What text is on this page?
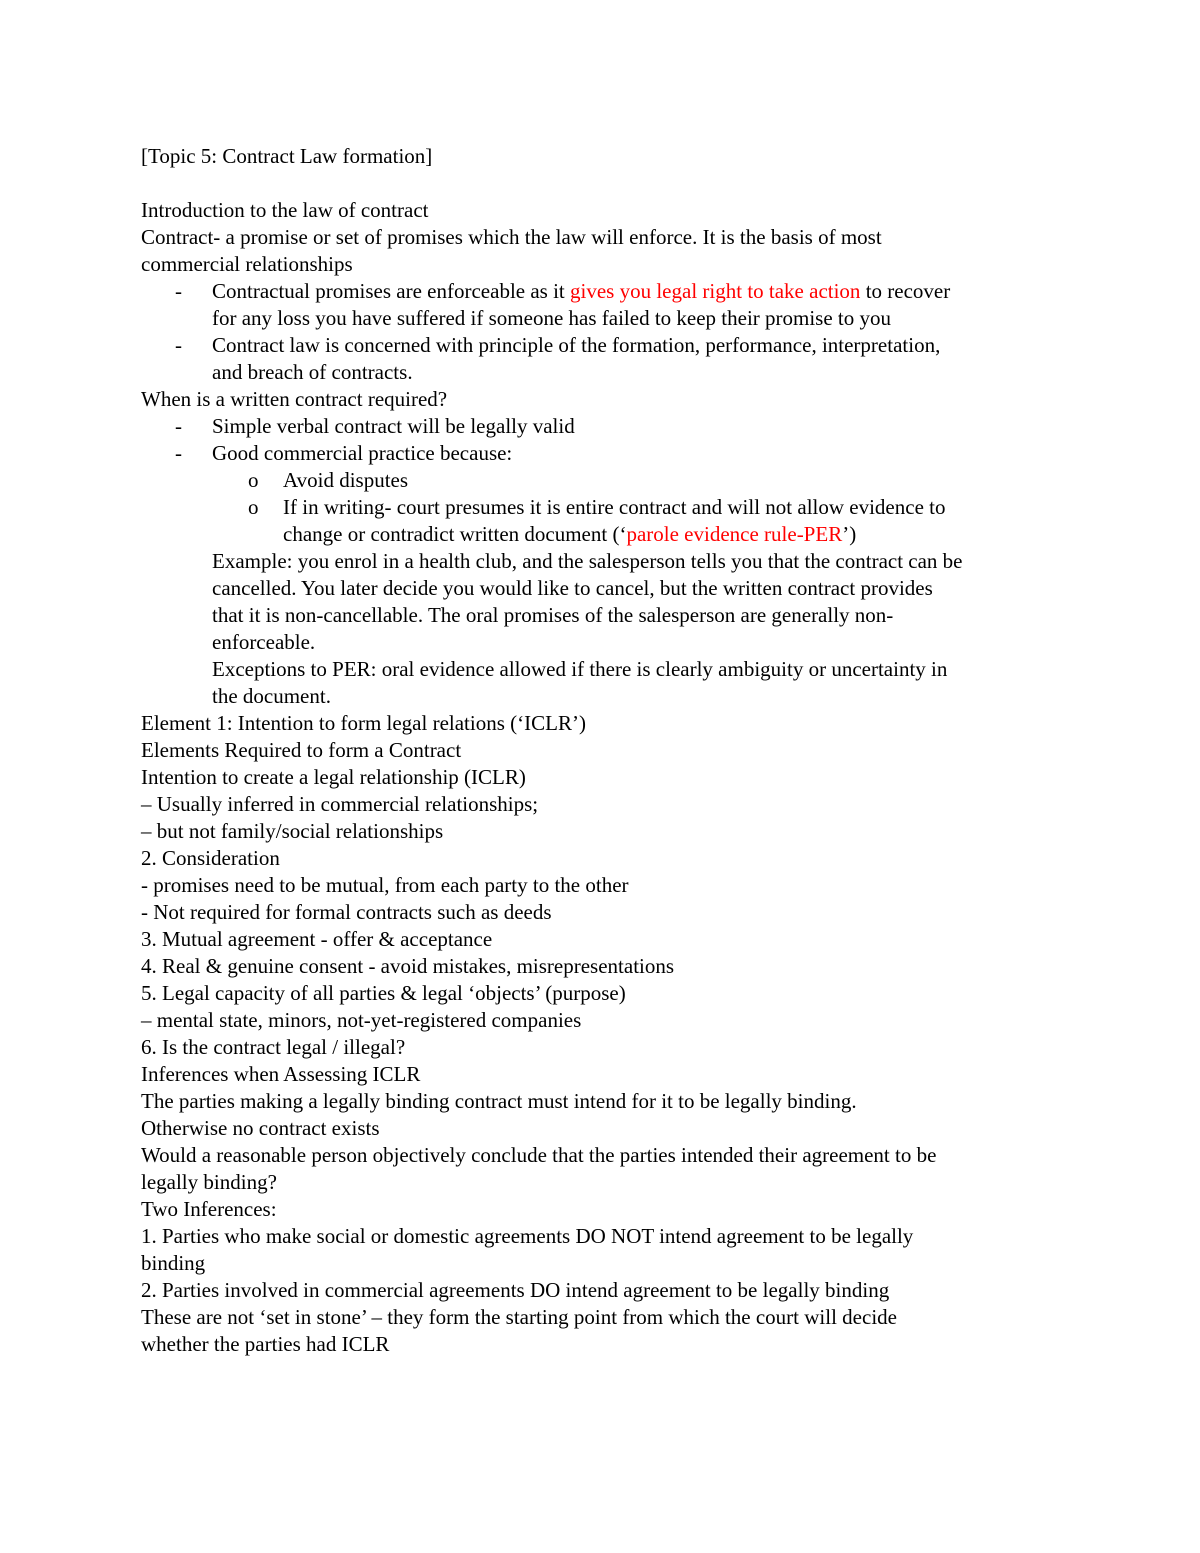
[Topic 5: Contract Law formation]

Introduction to the law of contract

Contract- a promise or set of promises which the law will enforce. It is the basis of most

commercial relationships

-	Contractual promises are enforceable as it gives you legal right to take action to recover

for any loss you have suffered if someone has failed to keep their promise to you

-	Contract law is concerned with principle of the formation, performance, interpretation,

and breach of contracts.

When is a written contract required?

-	Simple verbal contract will be legally valid
-	Good commercial practice because:
o	Avoid disputes
o	If in writing- court presumes it is entire contract and will not allow evidence to

change or contradict written document (‘parole evidence rule-PER’)

Example: you enrol in a health club, and the salesperson tells you that the contract can be

cancelled. You later decide you would like to cancel, but the written contract provides

that it is non-cancellable. The oral promises of the salesperson are generally non-

enforceable.

Exceptions to PER: oral evidence allowed if there is clearly ambiguity or uncertainty in

the document.

Element 1: Intention to form legal relations (‘ICLR’)

Elements Required to form a Contract

Intention to create a legal relationship (ICLR)

– Usually inferred in commercial relationships;

– but not family/social relationships

2. Consideration

- promises need to be mutual, from each party to the other

- Not required for formal contracts such as deeds

3. Mutual agreement - offer & acceptance

4. Real & genuine consent - avoid mistakes, misrepresentations

5. Legal capacity of all parties & legal ‘objects’ (purpose)

– mental state, minors, not-yet-registered companies

6. Is the contract legal / illegal?

Inferences when Assessing ICLR

The parties making a legally binding contract must intend for it to be legally binding.

Otherwise no contract exists

Would a reasonable person objectively conclude that the parties intended their agreement to be

legally binding?

Two Inferences:

1. Parties who make social or domestic agreements DO NOT intend agreement to be legally

binding

2. Parties involved in commercial agreements DO intend agreement to be legally binding

These are not ‘set in stone’ – they form the starting point from which the court will decide

whether the parties had ICLR
